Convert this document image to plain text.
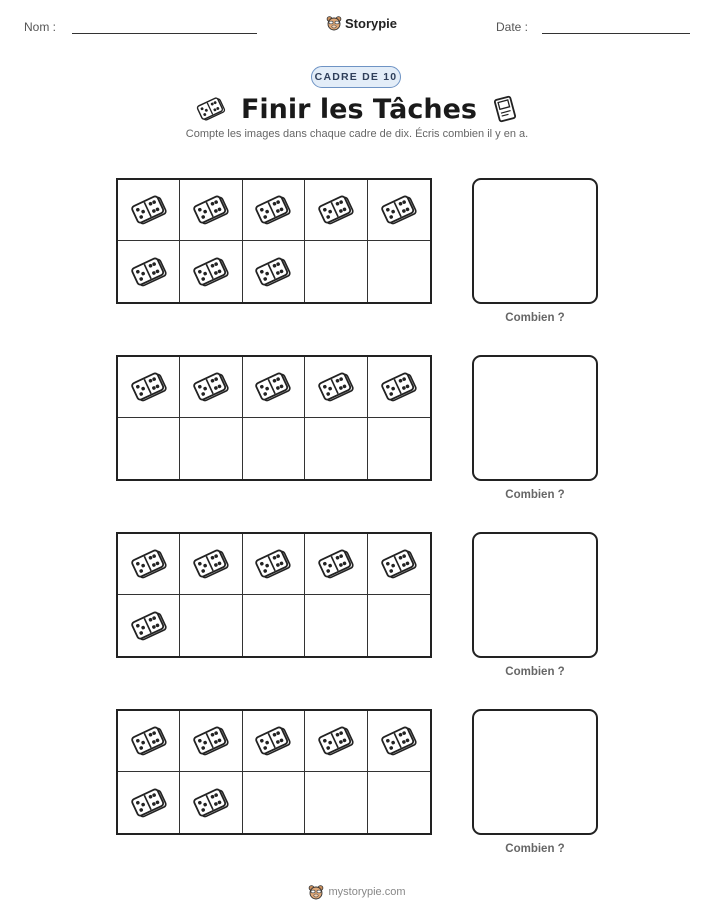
Nom :	Storypie	Date :
CADRE DE 10
Finir les Tâches
Compte les images dans chaque cadre de dix. Écris combien il y en a.
Combien ?
Combien ?
Combien ?
Combien ?
mystorypie.com
